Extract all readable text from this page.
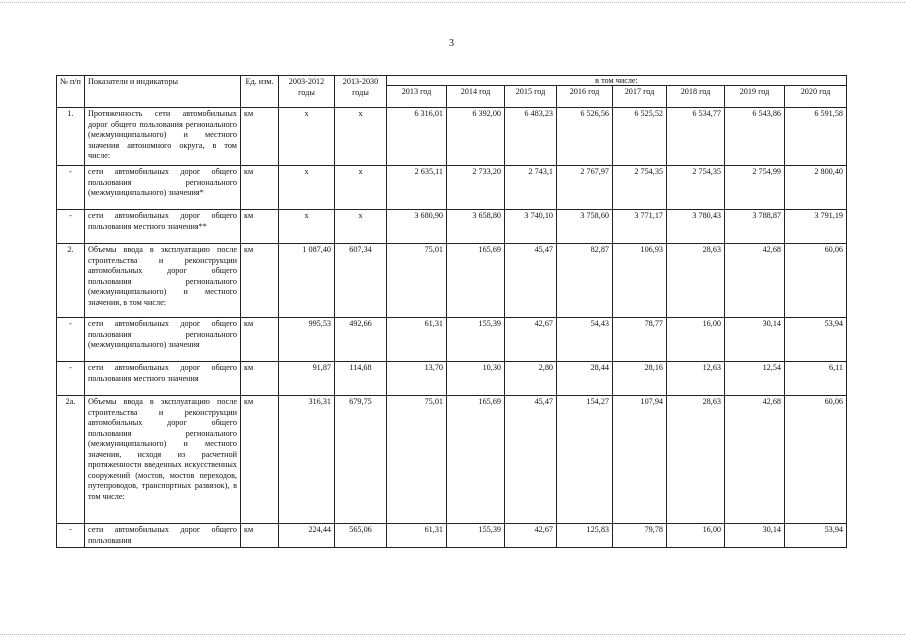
3
№ п/п	Показатели и индикаторы	Ед. изм.	2003-2012 годы	2013-2030 годы	в том числе:							
					2013 год	2014 год	2015 год	2016 год	2017 год	2018 год	2019 год	2020 год
1.	Протяженность сети автомобильных дорог общего пользования регионального (межмуниципального) и местного значения автономного округа, в том числе:	км	х	х	6 316,01	6 392,00	6 483,23	6 526,56	6 525,52	6 534,77	6 543,86	6 591,58
-	сети автомобильных дорог общего пользования регионального (межмуниципального) значения*	км	х	х	2 635,11	2 733,20	2 743,1	2 767,97	2 754,35	2 754,35	2 754,99	2 800,40
-	сети автомобильных дорог общего пользования местного значения**	км	х	х	3 680,90	3 658,80	3 740,10	3 758,60	3 771,17	3 780,43	3 788,87	3 791,19
2.	Объемы ввода в эксплуатацию после строительства и реконструкции автомобильных дорог общего пользования регионального (межмуниципального) и местного значения, в том числе:	км	1 087,40	607,34	75,01	165,69	45,47	82,87	106,93	28,63	42,68	60,06
-	сети автомобильных дорог общего пользования регионального (межмуниципального) значения	км	995,53	492,66	61,31	155,39	42,67	54,43	78,77	16,00	30,14	53,94
-	сети автомобильных дорог общего пользования местного значения	км	91,87	114,68	13,70	10,30	2,80	28,44	28,16	12,63	12,54	6,11
2а.	Объемы ввода в эксплуатацию после строительства и реконструкции автомобильных дорог общего пользования регионального (межмуниципального) и местного значения, исходя из расчетной протяженности введенных искусственных сооружений (мостов, мостов переходов, путепроводов, транспортных развязок), в том числе:	км	316,31	679,75	75,01	165,69	45,47	154,27	107,94	28,63	42,68	60,06
-	сети автомобильных дорог общего пользования	км	224,44	565,06	61,31	155,39	42,67	125,83	79,78	16,00	30,14	53,94
